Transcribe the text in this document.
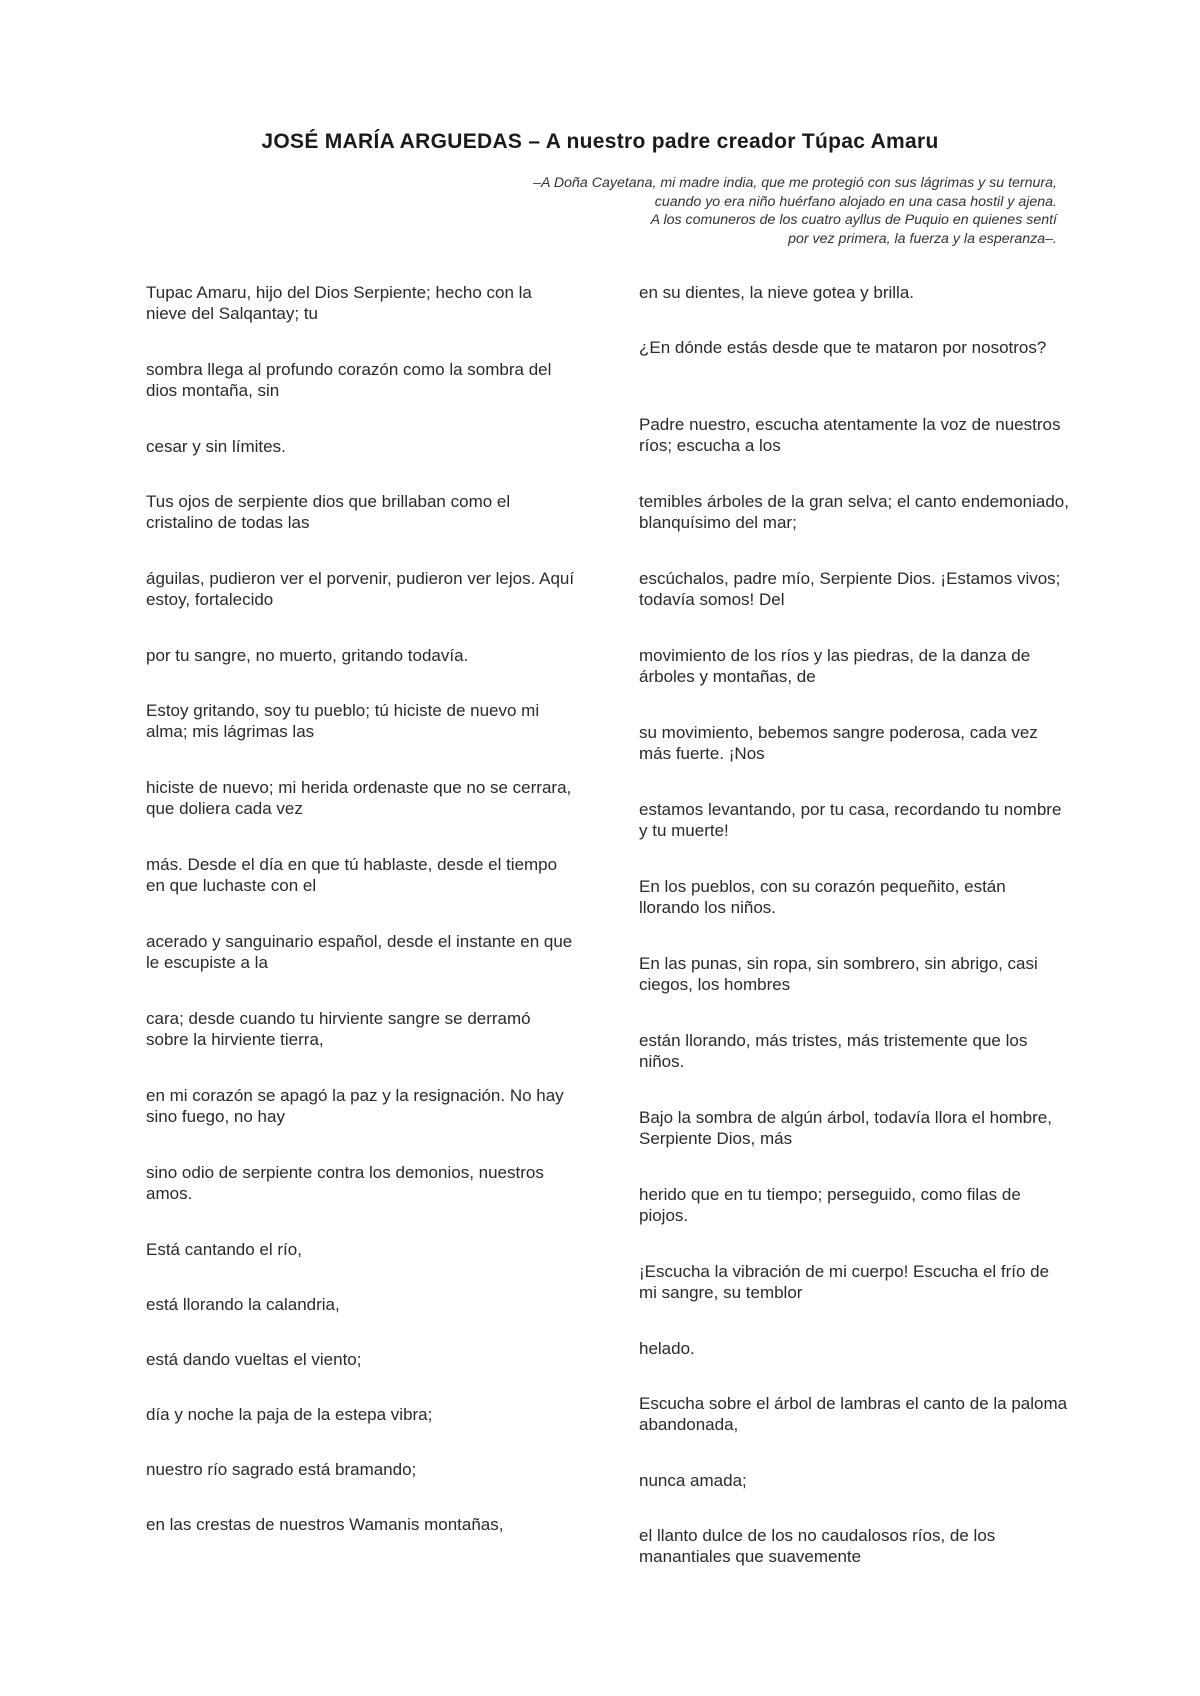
JOSÉ MARÍA ARGUEDAS – A nuestro padre creador Túpac Amaru
–A Doña Cayetana, mi madre india, que me protegió con sus lágrimas y su ternura,
cuando yo era niño huérfano alojado en una casa hostil y ajena.
A los comuneros de los cuatro ayllus de Puquio en quienes sentí
por vez primera, la fuerza y la esperanza–.
Tupac Amaru, hijo del Dios Serpiente; hecho con la nieve del Salqantay; tu
sombra llega al profundo corazón como la sombra del dios montaña, sin
cesar y sin límites.
Tus ojos de serpiente dios que brillaban como el cristalino de todas las
águilas, pudieron ver el porvenir, pudieron ver lejos. Aquí estoy, fortalecido
por tu sangre, no muerto, gritando todavía.
Estoy gritando, soy tu pueblo; tú hiciste de nuevo mi alma; mis lágrimas las
hiciste de nuevo; mi herida ordenaste que no se cerrara, que doliera cada vez
más. Desde el día en que tú hablaste, desde el tiempo en que luchaste con el
acerado y sanguinario español, desde el instante en que le escupiste a la
cara; desde cuando tu hirviente sangre se derramó sobre la hirviente tierra,
en mi corazón se apagó la paz y la resignación. No hay sino fuego, no hay
sino odio de serpiente contra los demonios, nuestros amos.
Está cantando el río,
está llorando la calandria,
está dando vueltas el viento;
día y noche la paja de la estepa vibra;
nuestro río sagrado está bramando;
en las crestas de nuestros Wamanis montañas,
en su dientes, la nieve gotea y brilla.
¿En dónde estás desde que te mataron por nosotros?
Padre nuestro, escucha atentamente la voz de nuestros ríos; escucha a los
temibles árboles de la gran selva; el canto endemoniado, blanquísimo del mar;
escúchalos, padre mío, Serpiente Dios. ¡Estamos vivos; todavía somos! Del
movimiento de los ríos y las piedras, de la danza de árboles y montañas, de
su movimiento, bebemos sangre poderosa, cada vez más fuerte. ¡Nos
estamos levantando, por tu casa, recordando tu nombre y tu muerte!
En los pueblos, con su corazón pequeñito, están llorando los niños.
En las punas, sin ropa, sin sombrero, sin abrigo, casi ciegos, los hombres
están llorando, más tristes, más tristemente que los niños.
Bajo la sombra de algún árbol, todavía llora el hombre, Serpiente Dios, más
herido que en tu tiempo; perseguido, como filas de piojos.
¡Escucha la vibración de mi cuerpo! Escucha el frío de mi sangre, su temblor
helado.
Escucha sobre el árbol de lambras el canto de la paloma abandonada,
nunca amada;
el llanto dulce de los no caudalosos ríos, de los manantiales que suavemente
